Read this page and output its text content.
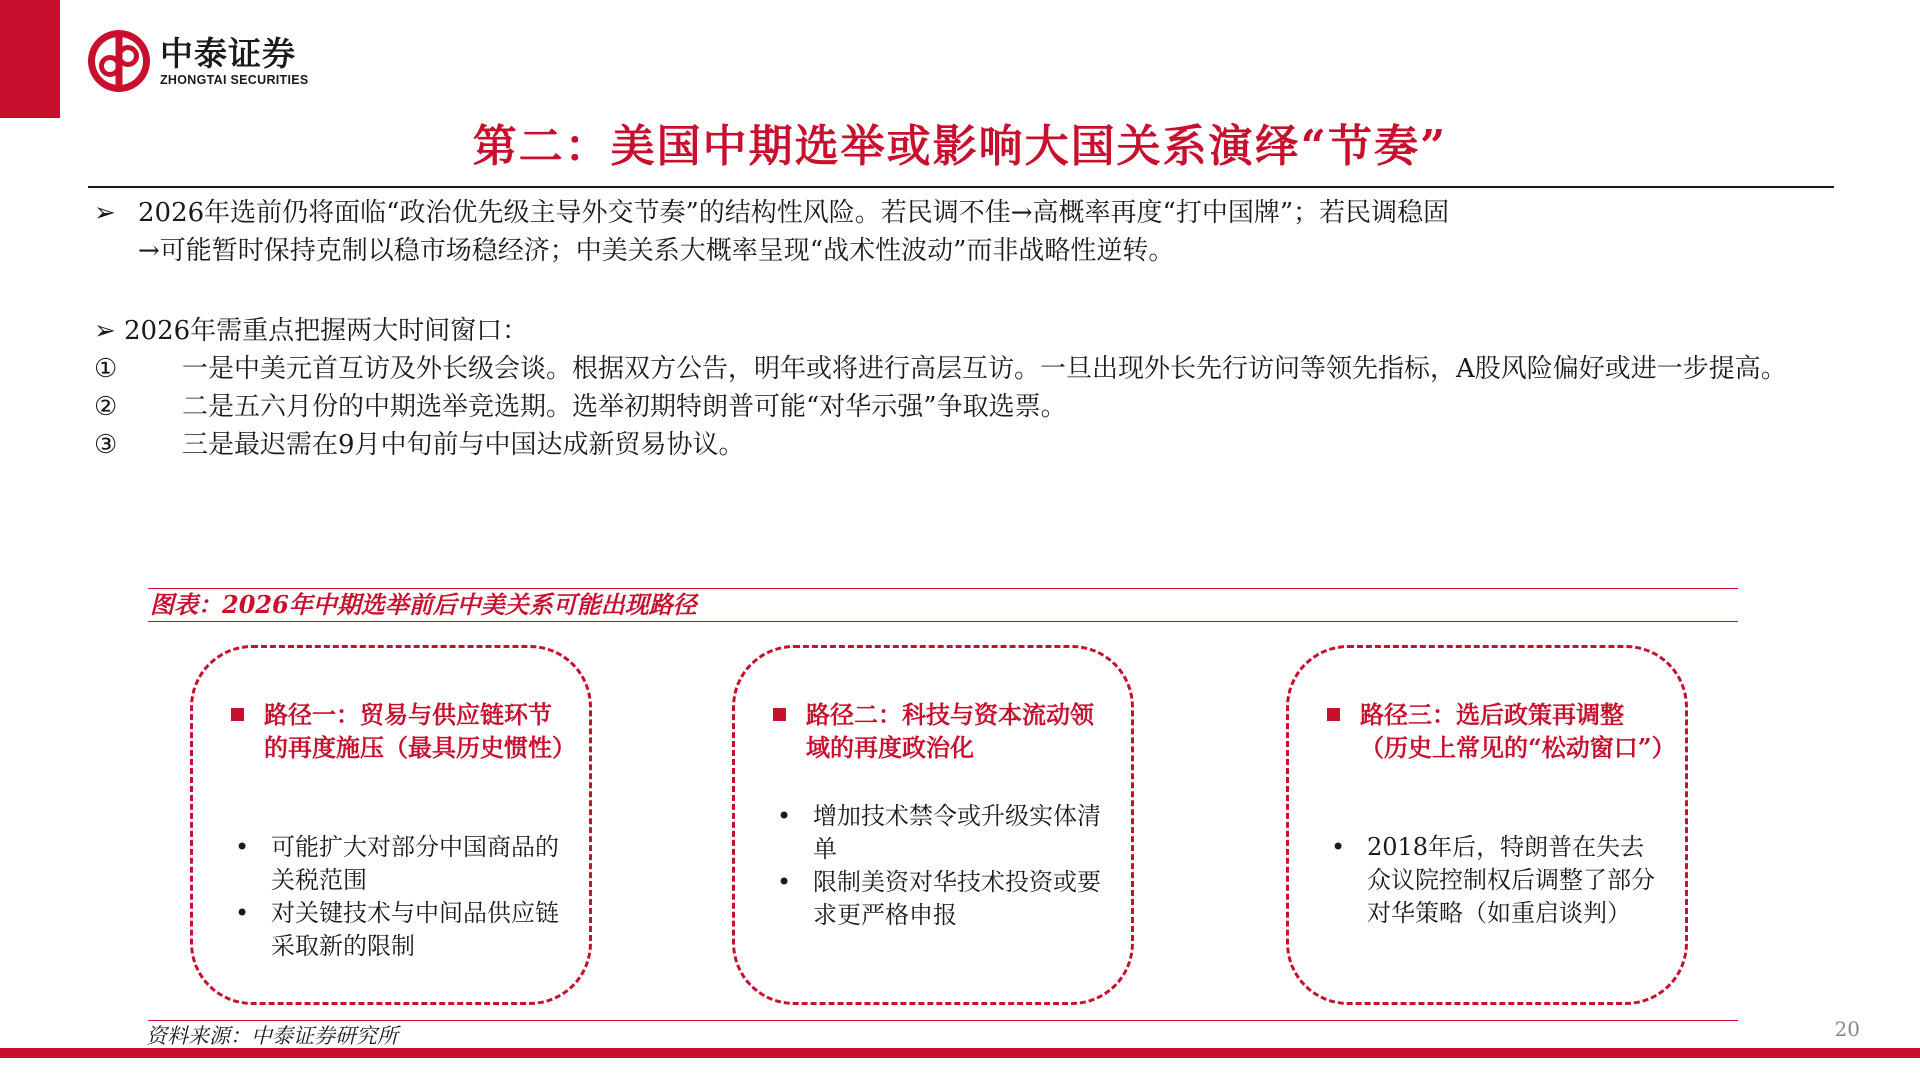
中泰证券
ZHONGTAI SECURITIES
第二：美国中期选举或影响大国关系演绎“节奏”
➢ 2026年选前仍将面临“政治优先级主导外交节奏”的结构性风险。若民调不佳→高概率再度“打中国牌”；若民调稳固
→可能暂时保持克制以稳市场稳经济；中美关系大概率呈现“战术性波动”而非战略性逆转。
➢ 2026年需重点把握两大时间窗口：
①	一是中美元首互访及外长级会谈。根据双方公告，明年或将进行高层互访。一旦出现外长先行访问等领先指标，A股风险偏好或进一步提高。
②	二是五六月份的中期选举竞选期。选举初期特朗普可能“对华示强”争取选票。
③	三是最迟需在9月中旬前与中国达成新贸易协议。
图表：2026年中期选举前后中美关系可能出现路径
路径一：贸易与供应链环节的再度施压（最具历史惯性）
• 可能扩大对部分中国商品的关税范围
• 对关键技术与中间品供应链采取新的限制
路径二：科技与资本流动领域的再度政治化
• 增加技术禁令或升级实体清单
• 限制美资对华技术投资或要求更严格申报
路径三：选后政策再调整（历史上常见的“松动窗口”）
• 2018年后，特朗普在失去众议院控制权后调整了部分对华策略（如重启谈判）
资料来源：中泰证券研究所	20
